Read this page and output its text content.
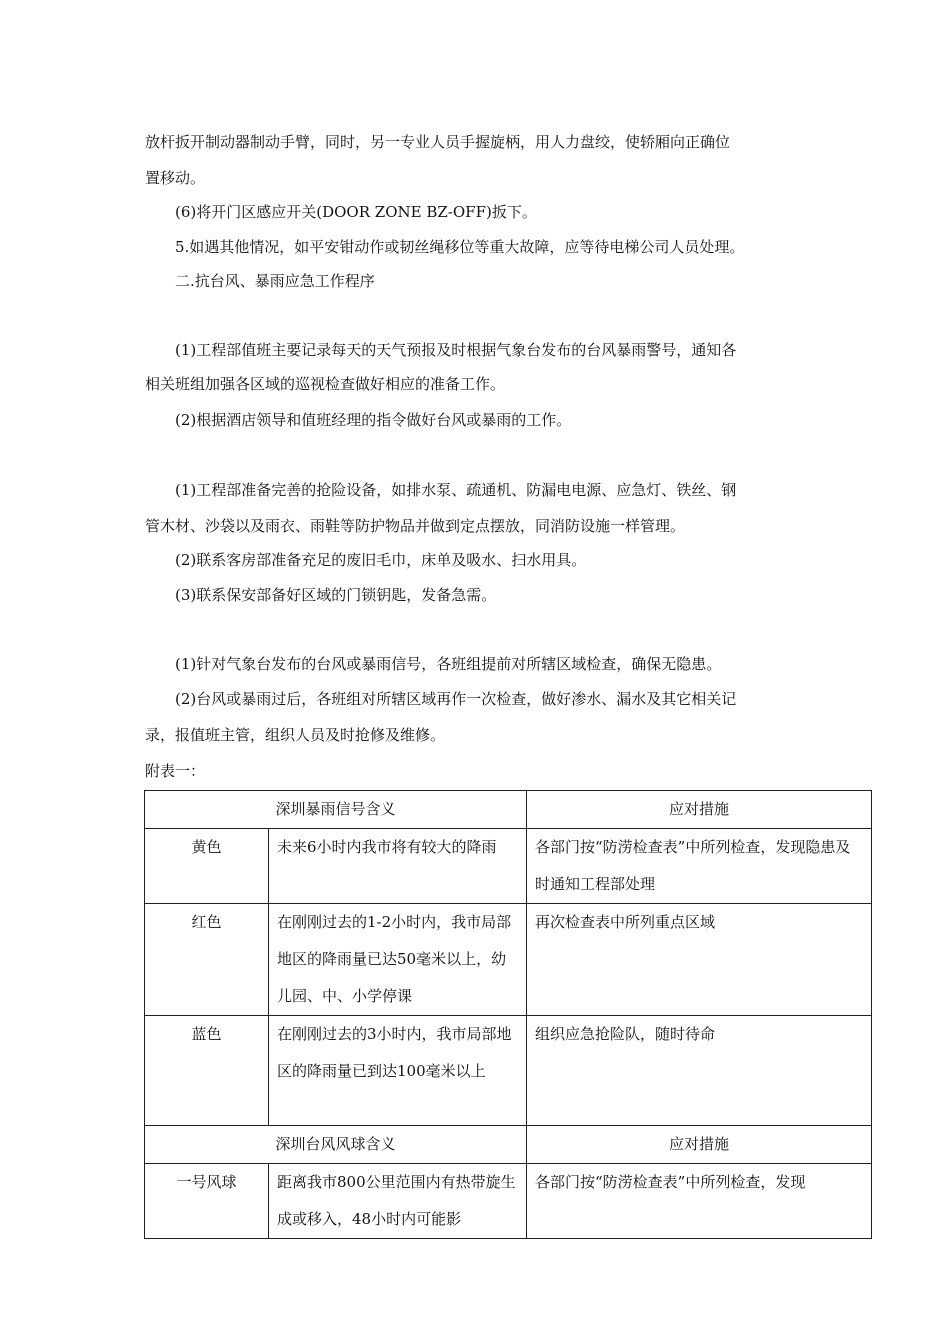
放杆扳开制动器制动手臂，同时，另一专业人员手握旋柄，用人力盘绞，使轿厢向正确位
置移动。
(6)将开门区感应开关(DOOR ZONE BZ-OFF)扳下。
5.如遇其他情况，如平安钳动作或韧丝绳移位等重大故障，应等待电梯公司人员处理。
二.抗台风、暴雨应急工作程序
(1)工程部值班主要记录每天的天气预报及时根据气象台发布的台风暴雨警号，通知各
相关班组加强各区域的巡视检查做好相应的准备工作。
(2)根据酒店领导和值班经理的指令做好台风或暴雨的工作。
(1)工程部准备完善的抢险设备，如排水泵、疏通机、防漏电电源、应急灯、铁丝、钢
管木材、沙袋以及雨衣、雨鞋等防护物品并做到定点摆放，同消防设施一样管理。
(2)联系客房部准备充足的废旧毛巾，床单及吸水、扫水用具。
(3)联系保安部备好区域的门锁钥匙，发备急需。
(1)针对气象台发布的台风或暴雨信号，各班组提前对所辖区域检查，确保无隐患。
(2)台风或暴雨过后，各班组对所辖区域再作一次检查，做好渗水、漏水及其它相关记
录，报值班主管，组织人员及时抢修及维修。
附表一：
深圳暴雨信号含义		应对措施
黄色	未来6小时内我市将有较大的降雨	各部门按“防涝检查表”中所列检查，发现隐患及时通知工程部处理
红色	在刚刚过去的1-2小时内，我市局部地区的降雨量已达50毫米以上，幼儿园、中、小学停课	再次检查表中所列重点区域
蓝色	在刚刚过去的3小时内，我市局部地区的降雨量已到达100毫米以上	组织应急抢险队，随时待命
深圳台风风球含义		应对措施
一号风球	距离我市800公里范围内有热带旋生成或移入，48小时内可能影	各部门按“防涝检查表”中所列检查，发现
